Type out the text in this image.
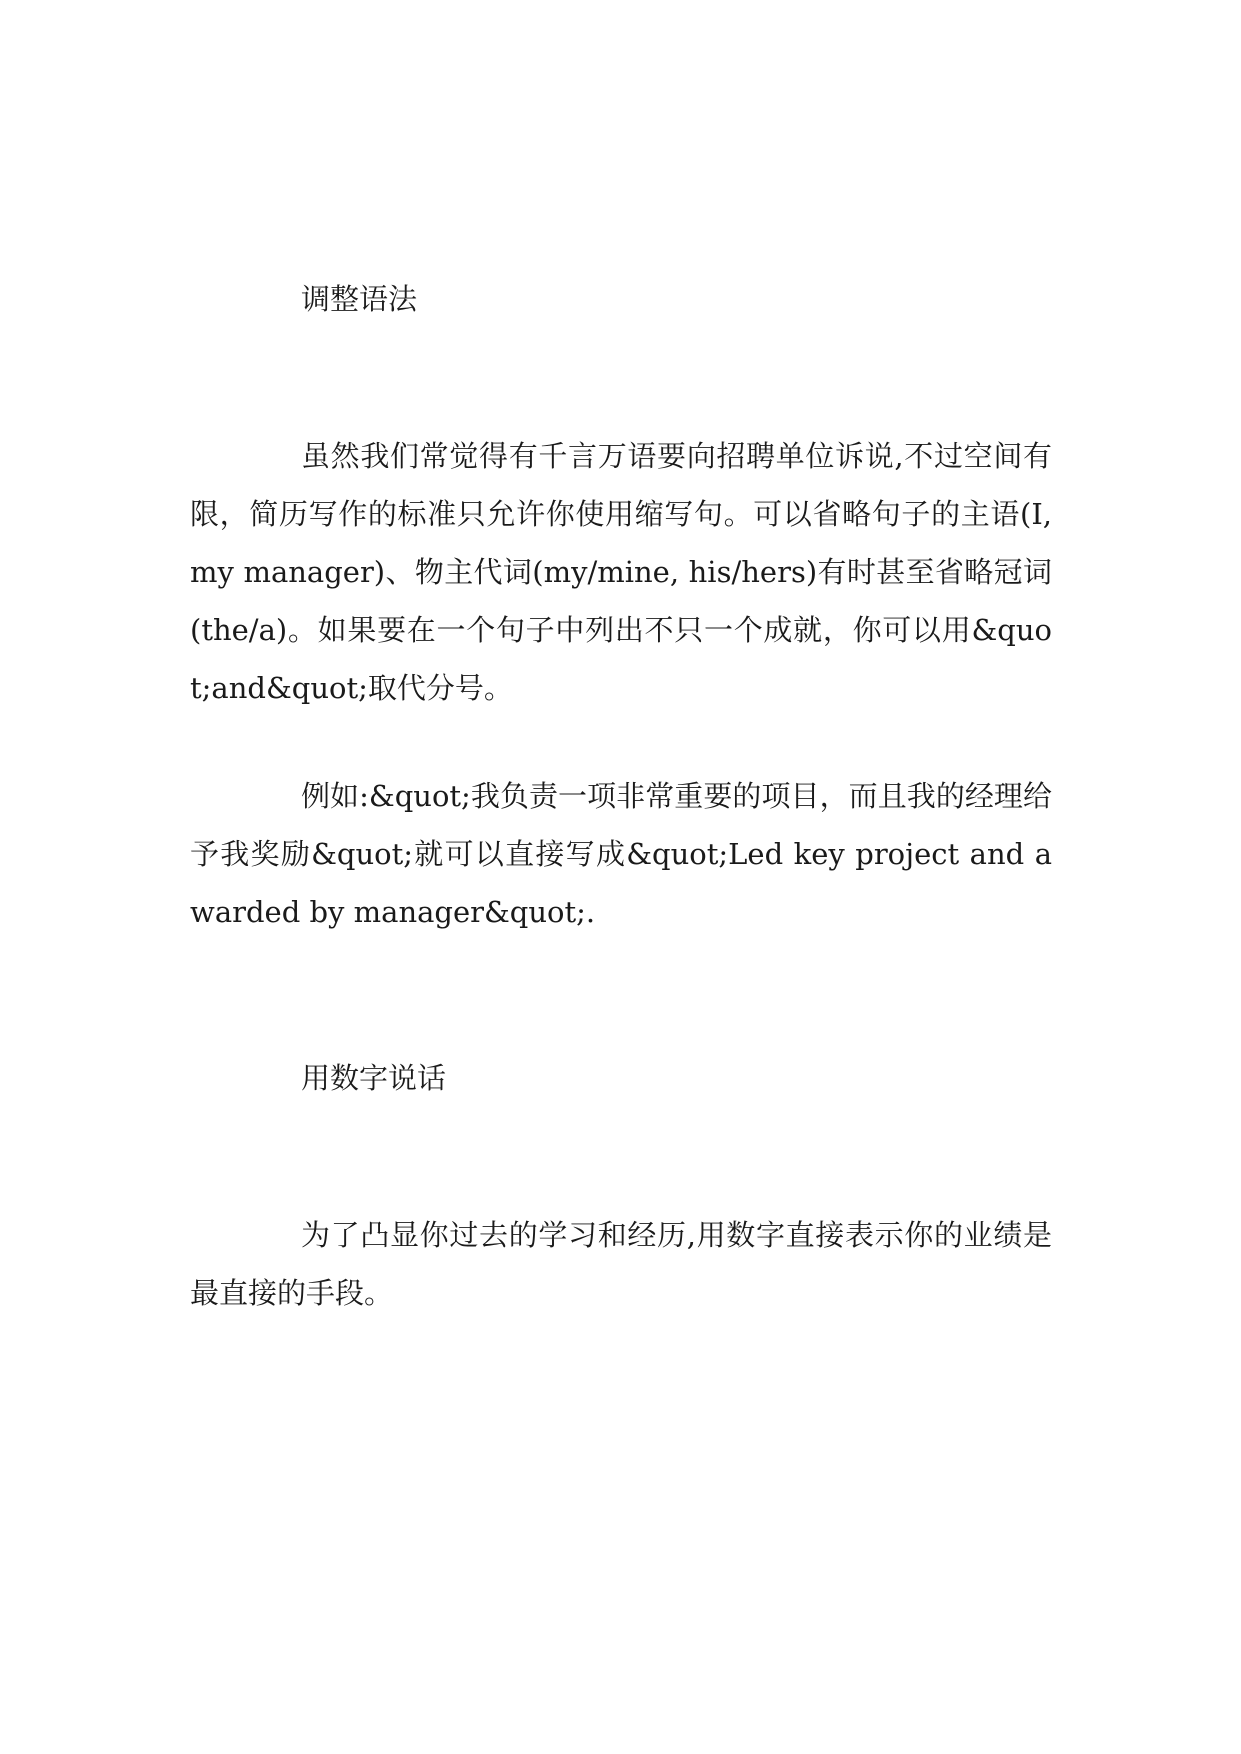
调整语法
虽然我们常觉得有千言万语要向招聘单位诉说,不过空间有限，简历写作的标准只允许你使用缩写句。可以省略句子的主语(I, my manager)、物主代词(my/mine, his/hers)有时甚至省略冠词(the/a)。如果要在一个句子中列出不只一个成就，你可以用&quot;and&quot;取代分号。
例如:&quot;我负责一项非常重要的项目，而且我的经理给予我奖励&quot;就可以直接写成&quot;Led key project and awarded by manager&quot;.
用数字说话
为了凸显你过去的学习和经历,用数字直接表示你的业绩是最直接的手段。
